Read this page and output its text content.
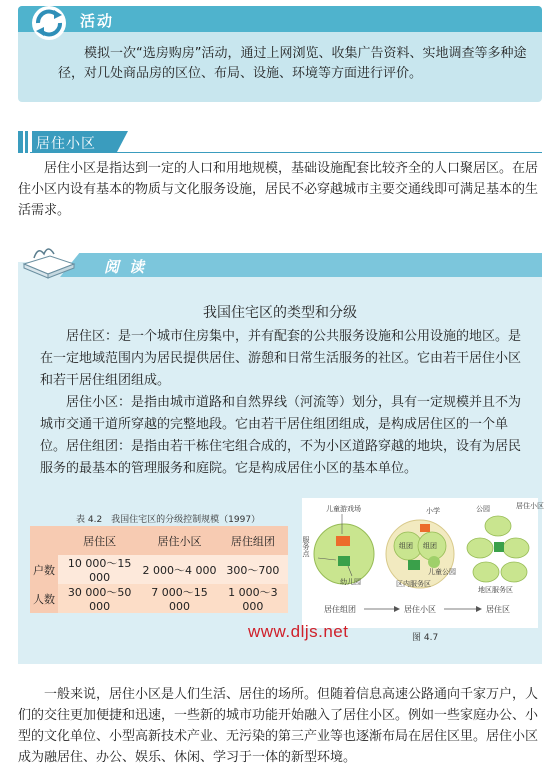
活动
模拟一次“选房购房”活动，通过上网浏览、收集广告资料、实地调查等多种途径，对几处商品房的区位、布局、设施、环境等方面进行评价。
居住小区
居住小区是指达到一定的人口和用地规模，基础设施配套比较齐全的人口聚居区。在居住小区内设有基本的物质与文化服务设施，居民不必穿越城市主要交通线即可满足基本的生活需求。
阅读
我国住宅区的类型和分级
居住区：是一个城市住房集中，并有配套的公共服务设施和公用设施的地区。是在一定地域范围内为居民提供居住、游憩和日常生活服务的社区。它由若干居住小区和若干居住组团组成。
居住小区：是指由城市道路和自然界线（河流等）划分，具有一定规模并且不为城市交通干道所穿越的完整地段。它由若干居住组团组成，是构成居住区的一个单位。 居住组团：是指由若干栋住宅组合成的，不为小区道路穿越的地块，设有为居民服务的最基本的管理服务和庭院。它是构成居住小区的基本单位。
表 4.2　我国住宅区的分级控制规模（1997）
	居住区	居住小区	居住组团
户数	10 000～15 000	2 000～4 000	300～700
人数	30 000～50 000	7 000～15 000	1 000～3 000
儿童游戏场
服务点
幼儿园
小学
组团 组团
儿童公园
区内服务区
公园	居住小区
地区服务区
居住组团	居住小区	居住区
www.dljs.net	图 4.7
一般来说，居住小区是人们生活、居住的场所。但随着信息高速公路通向千家万户，人们的交往更加便捷和迅速，一些新的城市功能开始融入了居住小区。例如一些家庭办公、小型的文化单位、小型高新技术产业、无污染的第三产业等也逐渐布局在居住区里。居住小区成为融居住、办公、娱乐、休闲、学习于一体的新型环境。
